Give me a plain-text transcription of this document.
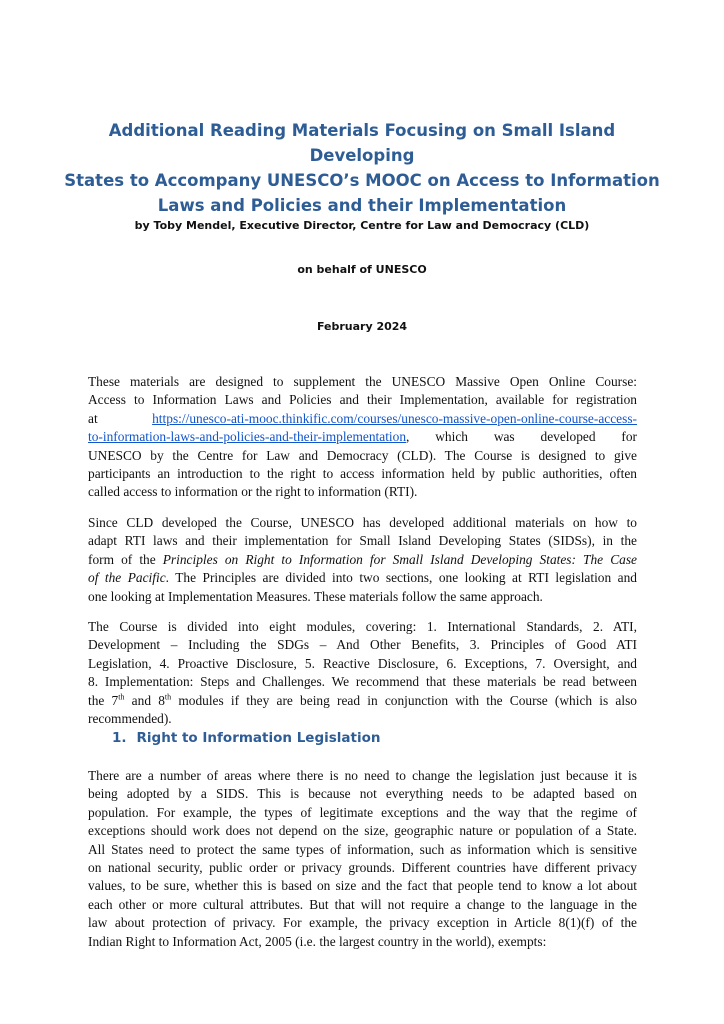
Additional Reading Materials Focusing on Small Island Developing
States to Accompany UNESCO’s MOOC on Access to Information
Laws and Policies and their Implementation

by Toby Mendel, Executive Director, Centre for Law and Democracy (CLD)

on behalf of UNESCO

February 2024

These materials are designed to supplement the UNESCO Massive Open Online Course:
Access to Information Laws and Policies and their Implementation, available for registration
at https://unesco-ati-mooc.thinkific.com/courses/unesco-massive-open-online-course-access-
to-information-laws-and-policies-and-their-implementation, which was developed for
UNESCO by the Centre for Law and Democracy (CLD). The Course is designed to give
participants an introduction to the right to access information held by public authorities, often
called access to information or the right to information (RTI).
Since CLD developed the Course, UNESCO has developed additional materials on how to
adapt RTI laws and their implementation for Small Island Developing States (SIDSs), in the
form of the Principles on Right to Information for Small Island Developing States: The Case
of the Pacific. The Principles are divided into two sections, one looking at RTI legislation and
one looking at Implementation Measures. These materials follow the same approach.
The Course is divided into eight modules, covering: 1. International Standards, 2. ATI,
Development – Including the SDGs – And Other Benefits, 3. Principles of Good ATI
Legislation, 4. Proactive Disclosure, 5. Reactive Disclosure, 6. Exceptions, 7. Oversight, and
8. Implementation: Steps and Challenges. We recommend that these materials be read between
the 7th and 8th modules if they are being read in conjunction with the Course (which is also
recommended).
1. Right to Information Legislation
There are a number of areas where there is no need to change the legislation just because it is
being adopted by a SIDS. This is because not everything needs to be adapted based on
population. For example, the types of legitimate exceptions and the way that the regime of
exceptions should work does not depend on the size, geographic nature or population of a State.
All States need to protect the same types of information, such as information which is sensitive
on national security, public order or privacy grounds. Different countries have different privacy
values, to be sure, whether this is based on size and the fact that people tend to know a lot about
each other or more cultural attributes. But that will not require a change to the language in the
law about protection of privacy. For example, the privacy exception in Article 8(1)(f) of the
Indian Right to Information Act, 2005 (i.e. the largest country in the world), exempts:
